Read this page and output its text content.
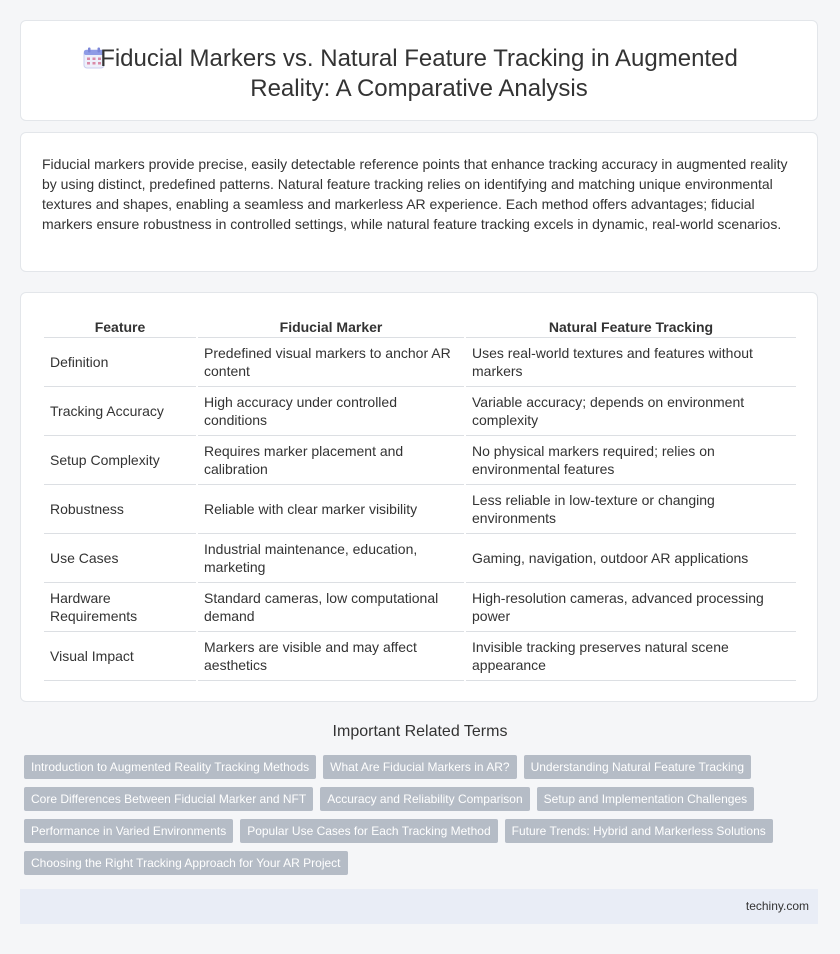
Fiducial Markers vs. Natural Feature Tracking in Augmented Reality: A Comparative Analysis

Fiducial markers provide precise, easily detectable reference points that enhance tracking accuracy in augmented reality by using distinct, predefined patterns. Natural feature tracking relies on identifying and matching unique environmental textures and shapes, enabling a seamless and markerless AR experience. Each method offers advantages; fiducial markers ensure robustness in controlled settings, while natural feature tracking excels in dynamic, real-world scenarios.

Feature	Fiducial Marker	Natural Feature Tracking
Definition	Predefined visual markers to anchor AR content	Uses real-world textures and features without markers
Tracking Accuracy	High accuracy under controlled conditions	Variable accuracy; depends on environment complexity
Setup Complexity	Requires marker placement and calibration	No physical markers required; relies on environmental features
Robustness	Reliable with clear marker visibility	Less reliable in low-texture or changing environments
Use Cases	Industrial maintenance, education, marketing	Gaming, navigation, outdoor AR applications
Hardware Requirements	Standard cameras, low computational demand	High-resolution cameras, advanced processing power
Visual Impact	Markers are visible and may affect aesthetics	Invisible tracking preserves natural scene appearance
Important Related Terms
Introduction to Augmented Reality Tracking Methods	What Are Fiducial Markers in AR?	Understanding Natural Feature Tracking
Core Differences Between Fiducial Marker and NFT	Accuracy and Reliability Comparison	Setup and Implementation Challenges
Performance in Varied Environments	Popular Use Cases for Each Tracking Method	Future Trends: Hybrid and Markerless Solutions
Choosing the Right Tracking Approach for Your AR Project
techiny.com
